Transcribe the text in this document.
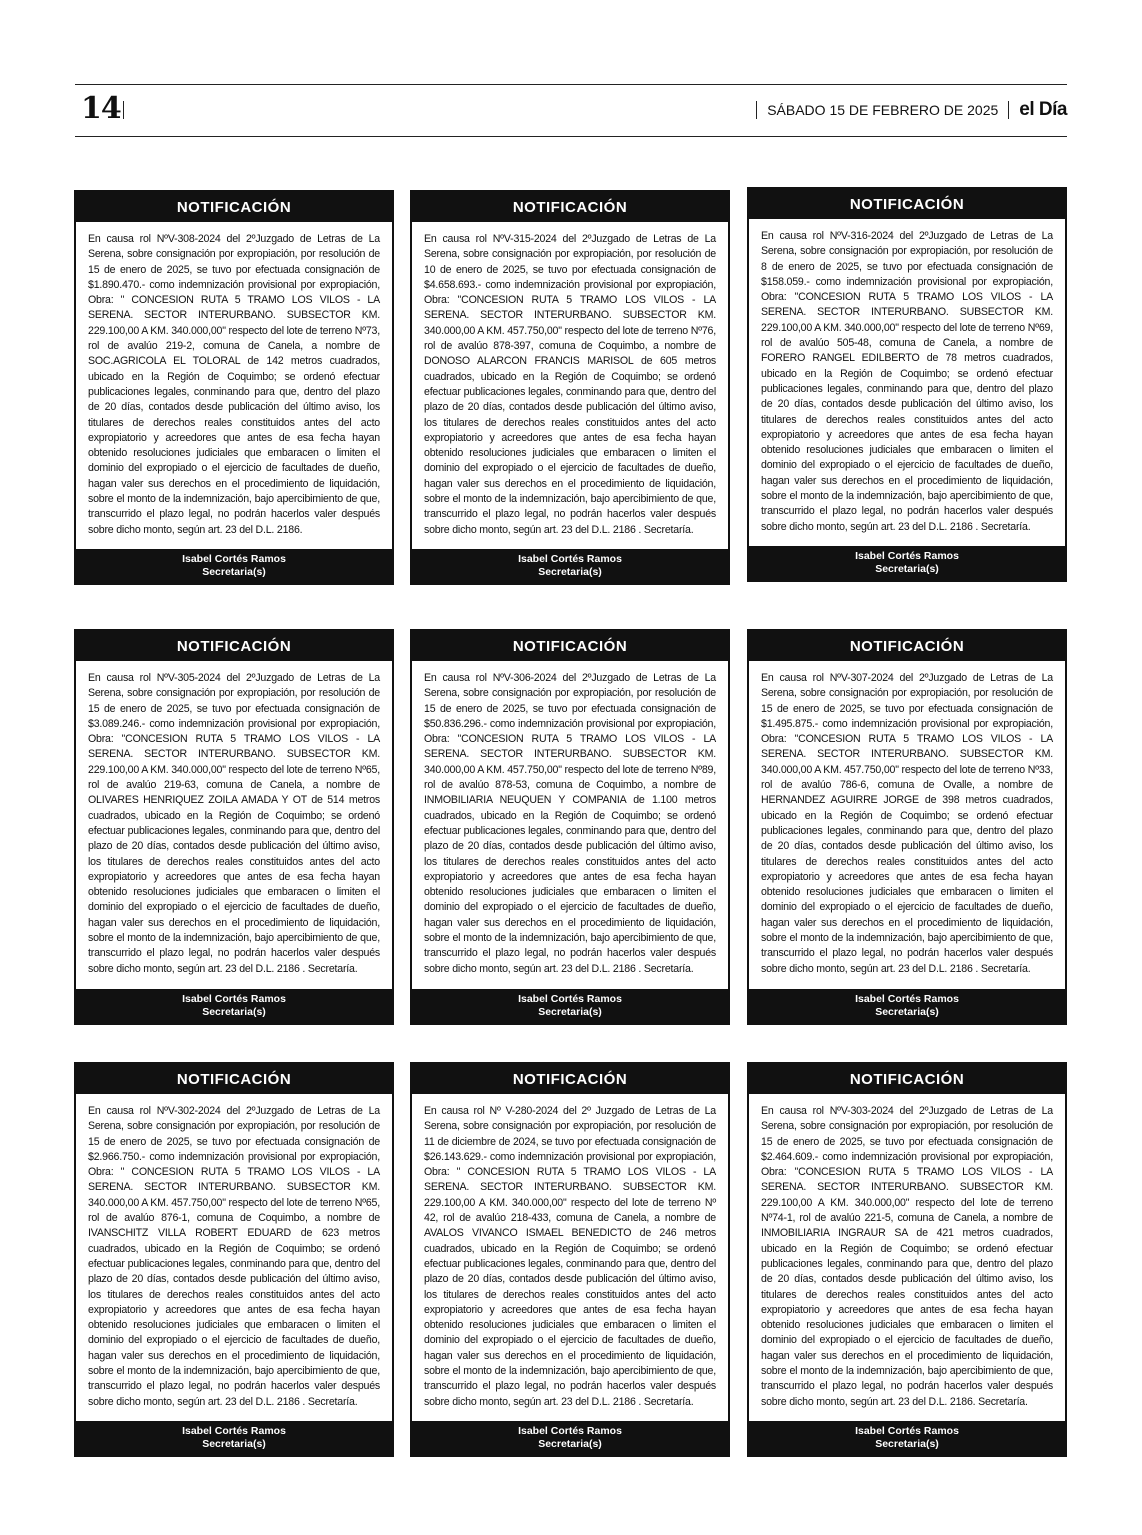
14	SÁBADO 15 DE FEBRERO DE 2025 el Día
NOTIFICACIÓN
En causa rol NºV-308-2024 del 2ºJuzgado de Letras de La Serena, sobre consignación por expropiación, por resolución de 15 de enero de 2025, se tuvo por efectuada consignación de $1.890.470.- como indemnización provisional por expropiación, Obra: " CONCESION RUTA 5 TRAMO LOS VILOS - LA SERENA. SECTOR INTERURBANO. SUBSECTOR KM. 229.100,00 A KM. 340.000,00" respecto del lote de terreno Nº73, rol de avalúo 219-2, comuna de Canela, a nombre de SOC.AGRICOLA EL TOLORAL de 142 metros cuadrados, ubicado en la Región de Coquimbo; se ordenó efectuar publicaciones legales, conminando para que, dentro del plazo de 20 días, contados desde publicación del último aviso, los titulares de derechos reales constituidos antes del acto expropiatorio y acreedores que antes de esa fecha hayan obtenido resoluciones judiciales que embaracen o limiten el dominio del expropiado o el ejercicio de facultades de dueño, hagan valer sus derechos en el procedimiento de liquidación, sobre el monto de la indemnización, bajo apercibimiento de que, transcurrido el plazo legal, no podrán hacerlos valer después sobre dicho monto, según art. 23 del D.L. 2186.
Isabel Cortés Ramos
Secretaria(s)
NOTIFICACIÓN
En causa rol NºV-315-2024 del 2ºJuzgado de Letras de La Serena, sobre consignación por expropiación, por resolución de 10 de enero de 2025, se tuvo por efectuada consignación de $4.658.693.- como indemnización provisional por expropiación, Obra: "CONCESION RUTA 5 TRAMO LOS VILOS - LA SERENA. SECTOR INTERURBANO. SUBSECTOR KM. 340.000,00 A KM. 457.750,00" respecto del lote de terreno Nº76, rol de avalúo 878-397, comuna de Coquimbo, a nombre de DONOSO ALARCON FRANCIS MARISOL de 605 metros cuadrados, ubicado en la Región de Coquimbo; se ordenó efectuar publicaciones legales, conminando para que, dentro del plazo de 20 días, contados desde publicación del último aviso, los titulares de derechos reales constituidos antes del acto expropiatorio y acreedores que antes de esa fecha hayan obtenido resoluciones judiciales que embaracen o limiten el dominio del expropiado o el ejercicio de facultades de dueño, hagan valer sus derechos en el procedimiento de liquidación, sobre el monto de la indemnización, bajo apercibimiento de que, transcurrido el plazo legal, no podrán hacerlos valer después sobre dicho monto, según art. 23 del D.L. 2186 . Secretaría.
Isabel Cortés Ramos
Secretaria(s)
NOTIFICACIÓN
En causa rol NºV-316-2024 del 2ºJuzgado de Letras de La Serena, sobre consignación por expropiación, por resolución de 8 de enero de 2025, se tuvo por efectuada consignación de $158.059.- como indemnización provisional por expropiación, Obra: "CONCESION RUTA 5 TRAMO LOS VILOS - LA SERENA. SECTOR INTERURBANO. SUBSECTOR KM. 229.100,00 A KM. 340.000,00" respecto del lote de terreno Nº69, rol de avalúo 505-48, comuna de Canela, a nombre de FORERO RANGEL EDILBERTO de 78 metros cuadrados, ubicado en la Región de Coquimbo; se ordenó efectuar publicaciones legales, conminando para que, dentro del plazo de 20 días, contados desde publicación del último aviso, los titulares de derechos reales constituidos antes del acto expropiatorio y acreedores que antes de esa fecha hayan obtenido resoluciones judiciales que embaracen o limiten el dominio del expropiado o el ejercicio de facultades de dueño, hagan valer sus derechos en el procedimiento de liquidación, sobre el monto de la indemnización, bajo apercibimiento de que, transcurrido el plazo legal, no podrán hacerlos valer después sobre dicho monto, según art. 23 del D.L. 2186 . Secretaría.
Isabel Cortés Ramos
Secretaria(s)
NOTIFICACIÓN
En causa rol NºV-305-2024 del 2ºJuzgado de Letras de La Serena, sobre consignación por expropiación, por resolución de 15 de enero de 2025, se tuvo por efectuada consignación de $3.089.246.- como indemnización provisional por expropiación, Obra: "CONCESION RUTA 5 TRAMO LOS VILOS - LA SERENA. SECTOR INTERURBANO. SUBSECTOR KM. 229.100,00 A KM. 340.000,00" respecto del lote de terreno Nº65, rol de avalúo 219-63, comuna de Canela, a nombre de OLIVARES HENRIQUEZ ZOILA AMADA Y OT de 514 metros cuadrados, ubicado en la Región de Coquimbo; se ordenó efectuar publicaciones legales, conminando para que, dentro del plazo de 20 días, contados desde publicación del último aviso, los titulares de derechos reales constituidos antes del acto expropiatorio y acreedores que antes de esa fecha hayan obtenido resoluciones judiciales que embaracen o limiten el dominio del expropiado o el ejercicio de facultades de dueño, hagan valer sus derechos en el procedimiento de liquidación, sobre el monto de la indemnización, bajo apercibimiento de que, transcurrido el plazo legal, no podrán hacerlos valer después sobre dicho monto, según art. 23 del D.L. 2186 . Secretaría.
Isabel Cortés Ramos
Secretaria(s)
NOTIFICACIÓN
En causa rol NºV-306-2024 del 2ºJuzgado de Letras de La Serena, sobre consignación por expropiación, por resolución de 15 de enero de 2025, se tuvo por efectuada consignación de $50.836.296.- como indemnización provisional por expropiación, Obra: "CONCESION RUTA 5 TRAMO LOS VILOS - LA SERENA. SECTOR INTERURBANO. SUBSECTOR KM. 340.000,00 A KM. 457.750,00" respecto del lote de terreno Nº89, rol de avalúo 878-53, comuna de Coquimbo, a nombre de INMOBILIARIA NEUQUEN Y COMPANIA de 1.100 metros cuadrados, ubicado en la Región de Coquimbo; se ordenó efectuar publicaciones legales, conminando para que, dentro del plazo de 20 días, contados desde publicación del último aviso, los titulares de derechos reales constituidos antes del acto expropiatorio y acreedores que antes de esa fecha hayan obtenido resoluciones judiciales que embaracen o limiten el dominio del expropiado o el ejercicio de facultades de dueño, hagan valer sus derechos en el procedimiento de liquidación, sobre el monto de la indemnización, bajo apercibimiento de que, transcurrido el plazo legal, no podrán hacerlos valer después sobre dicho monto, según art. 23 del D.L. 2186 . Secretaría.
Isabel Cortés Ramos
Secretaria(s)
NOTIFICACIÓN
En causa rol NºV-307-2024 del 2ºJuzgado de Letras de La Serena, sobre consignación por expropiación, por resolución de 15 de enero de 2025, se tuvo por efectuada consignación de $1.495.875.- como indemnización provisional por expropiación, Obra: "CONCESION RUTA 5 TRAMO LOS VILOS - LA SERENA. SECTOR INTERURBANO. SUBSECTOR KM. 340.000,00 A KM. 457.750,00" respecto del lote de terreno Nº33, rol de avalúo 786-6, comuna de Ovalle, a nombre de HERNANDEZ AGUIRRE JORGE de 398 metros cuadrados, ubicado en la Región de Coquimbo; se ordenó efectuar publicaciones legales, conminando para que, dentro del plazo de 20 días, contados desde publicación del último aviso, los titulares de derechos reales constituidos antes del acto expropiatorio y acreedores que antes de esa fecha hayan obtenido resoluciones judiciales que embaracen o limiten el dominio del expropiado o el ejercicio de facultades de dueño, hagan valer sus derechos en el procedimiento de liquidación, sobre el monto de la indemnización, bajo apercibimiento de que, transcurrido el plazo legal, no podrán hacerlos valer después sobre dicho monto, según art. 23 del D.L. 2186 . Secretaría.
Isabel Cortés Ramos
Secretaria(s)
NOTIFICACIÓN
En causa rol NºV-302-2024 del 2ºJuzgado de Letras de La Serena, sobre consignación por expropiación, por resolución de 15 de enero de 2025, se tuvo por efectuada consignación de $2.966.750.- como indemnización provisional por expropiación, Obra: " CONCESION RUTA 5 TRAMO LOS VILOS - LA SERENA. SECTOR INTERURBANO. SUBSECTOR KM. 340.000,00 A KM. 457.750,00" respecto del lote de terreno Nº65, rol de avalúo 876-1, comuna de Coquimbo, a nombre de IVANSCHITZ VILLA ROBERT EDUARD de 623 metros cuadrados, ubicado en la Región de Coquimbo; se ordenó efectuar publicaciones legales, conminando para que, dentro del plazo de 20 días, contados desde publicación del último aviso, los titulares de derechos reales constituidos antes del acto expropiatorio y acreedores que antes de esa fecha hayan obtenido resoluciones judiciales que embaracen o limiten el dominio del expropiado o el ejercicio de facultades de dueño, hagan valer sus derechos en el procedimiento de liquidación, sobre el monto de la indemnización, bajo apercibimiento de que, transcurrido el plazo legal, no podrán hacerlos valer después sobre dicho monto, según art. 23 del D.L. 2186 . Secretaría.
Isabel Cortés Ramos
Secretaria(s)
NOTIFICACIÓN
En causa rol Nº V-280-2024 del 2º Juzgado de Letras de La Serena, sobre consignación por expropiación, por resolución de 11 de diciembre de 2024, se tuvo por efectuada consignación de $26.143.629.- como indemnización provisional por expropiación, Obra: " CONCESION RUTA 5 TRAMO LOS VILOS - LA SERENA. SECTOR INTERURBANO. SUBSECTOR KM. 229.100,00 A KM. 340.000,00" respecto del lote de terreno Nº 42, rol de avalúo 218-433, comuna de Canela, a nombre de AVALOS VIVANCO ISMAEL BENEDICTO de 246 metros cuadrados, ubicado en la Región de Coquimbo; se ordenó efectuar publicaciones legales, conminando para que, dentro del plazo de 20 días, contados desde publicación del último aviso, los titulares de derechos reales constituidos antes del acto expropiatorio y acreedores que antes de esa fecha hayan obtenido resoluciones judiciales que embaracen o limiten el dominio del expropiado o el ejercicio de facultades de dueño, hagan valer sus derechos en el procedimiento de liquidación, sobre el monto de la indemnización, bajo apercibimiento de que, transcurrido el plazo legal, no podrán hacerlos valer después sobre dicho monto, según art. 23 del D.L. 2186 . Secretaría.
Isabel Cortés Ramos
Secretaria(s)
NOTIFICACIÓN
En causa rol NºV-303-2024 del 2ºJuzgado de Letras de La Serena, sobre consignación por expropiación, por resolución de 15 de enero de 2025, se tuvo por efectuada consignación de $2.464.609.- como indemnización provisional por expropiación, Obra: "CONCESION RUTA 5 TRAMO LOS VILOS - LA SERENA. SECTOR INTERURBANO. SUBSECTOR KM. 229.100,00 A KM. 340.000,00" respecto del lote de terreno Nº74-1, rol de avalúo 221-5, comuna de Canela, a nombre de INMOBILIARIA INGRAUR SA de 421 metros cuadrados, ubicado en la Región de Coquimbo; se ordenó efectuar publicaciones legales, conminando para que, dentro del plazo de 20 días, contados desde publicación del último aviso, los titulares de derechos reales constituidos antes del acto expropiatorio y acreedores que antes de esa fecha hayan obtenido resoluciones judiciales que embaracen o limiten el dominio del expropiado o el ejercicio de facultades de dueño, hagan valer sus derechos en el procedimiento de liquidación, sobre el monto de la indemnización, bajo apercibimiento de que, transcurrido el plazo legal, no podrán hacerlos valer después sobre dicho monto, según art. 23 del D.L. 2186. Secretaría.
Isabel Cortés Ramos
Secretaria(s)
